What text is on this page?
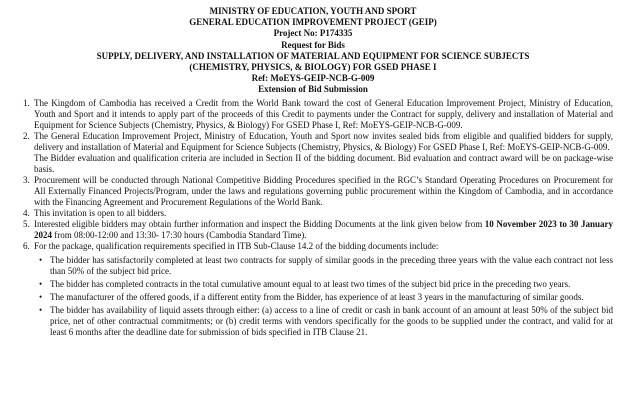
MINISTRY OF EDUCATION, YOUTH AND SPORT
GENERAL EDUCATION IMPROVEMENT PROJECT (GEIP)
Project No: P174335
Request for Bids
SUPPLY, DELIVERY, AND INSTALLATION OF MATERIAL AND EQUIPMENT FOR SCIENCE SUBJECTS
(CHEMISTRY, PHYSICS, & BIOLOGY) FOR GSED PHASE I
Ref: MoEYS-GEIP-NCB-G-009
Extension of Bid Submission
1. The Kingdom of Cambodia has received a Credit from the World Bank toward the cost of General Education Improvement Project, Ministry of Education, Youth and Sport and it intends to apply part of the proceeds of this Credit to payments under the Contract for supply, delivery and installation of Material and Equipment for Science Subjects (Chemistry, Physics, & Biology) For GSED Phase I, Ref: MoEYS-GEIP-NCB-G-009.
2. The General Education Improvement Project, Ministry of Education, Youth and Sport now invites sealed bids from eligible and qualified bidders for supply, delivery and installation of Material and Equipment for Science Subjects (Chemistry, Physics, & Biology) For GSED Phase I, Ref: MoEYS-GEIP-NCB-G-009.
The Bidder evaluation and qualification criteria are included in Section II of the bidding document. Bid evaluation and contract award will be on package-wise basis.
3. Procurement will be conducted through National Competitive Bidding Procedures specified in the RGC’s Standard Operating Procedures on Procurement for All Externally Financed Projects/Program, under the laws and regulations governing public procurement within the Kingdom of Cambodia, and in accordance with the Financing Agreement and Procurement Regulations of the World Bank.
4. This invitation is open to all bidders.
5. Interested eligible bidders may obtain further information and inspect the Bidding Documents at the link given below from 10 November 2023 to 30 January 2024 from 08:00-12:00 and 13:30- 17:30 hours (Cambodia Standard Time).
6. For the package, qualification requirements specified in ITB Sub-Clause 14.2 of the bidding documents include:
• The bidder has satisfactorily completed at least two contracts for supply of similar goods in the preceding three years with the value each contract not less than 50% of the subject bid price.
• The bidder has completed contracts in the total cumulative amount equal to at least two times of the subject bid price in the preceding two years.
• The manufacturer of the offered goods, if a different entity from the Bidder, has experience of at least 3 years in the manufacturing of similar goods.
• The bidder has availability of liquid assets through either: (a) access to a line of credit or cash in bank account of an amount at least 50% of the subject bid price, net of other contractual commitments; or (b) credit terms with vendors specifically for the goods to be supplied under the contract, and valid for at least 6 months after the deadline date for submission of bids specified in ITB Clause 21.
